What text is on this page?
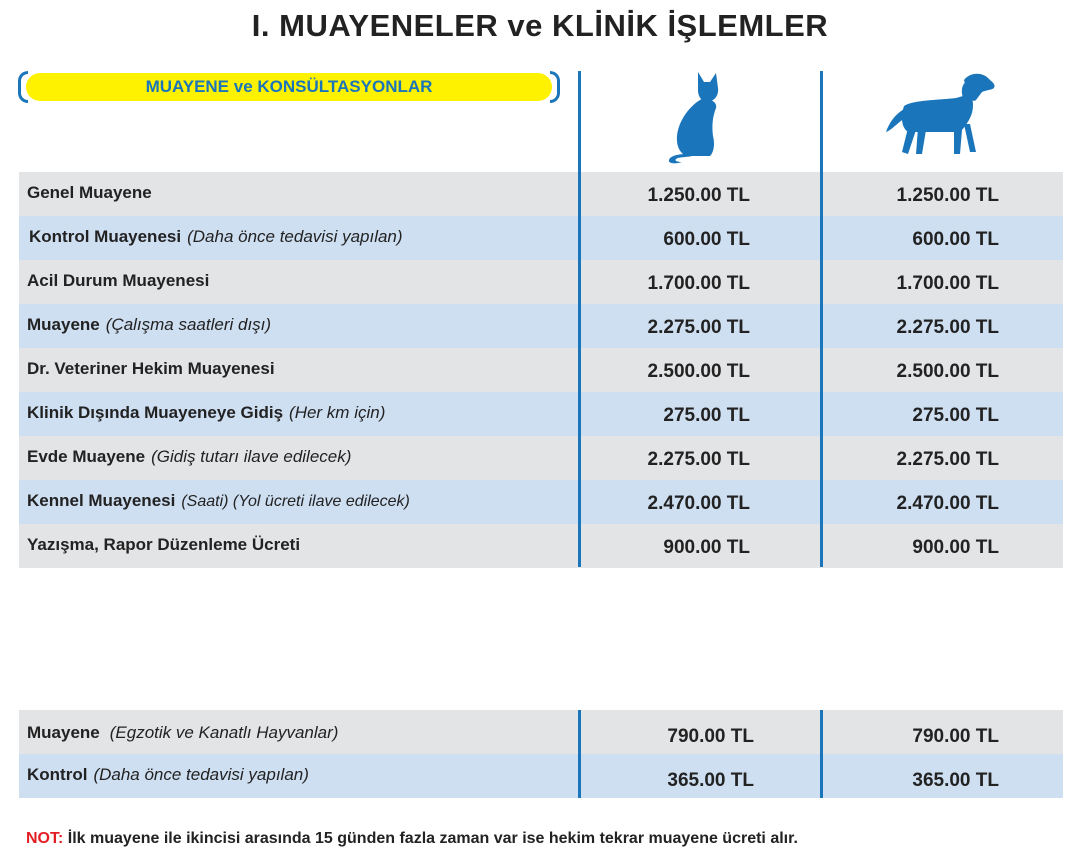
I. MUAYENELER ve KLİNİK İŞLEMLER
MUAYENE ve KONSÜLTASYONLAR
Genel Muayene	1.250.00 TL	1.250.00 TL
Kontrol Muayenesi (Daha önce tedavisi yapılan)	600.00 TL	600.00 TL
Acil Durum Muayenesi	1.700.00 TL	1.700.00 TL
Muayene (Çalışma saatleri dışı)	2.275.00 TL	2.275.00 TL
Dr. Veteriner Hekim Muayenesi	2.500.00 TL	2.500.00 TL
Klinik Dışında Muayeneye Gidiş (Her km için)	275.00 TL	275.00 TL
Evde Muayene (Gidiş tutarı ilave edilecek)	2.275.00 TL	2.275.00 TL
Kennel Muayenesi (Saati) (Yol ücreti ilave edilecek)	2.470.00 TL	2.470.00 TL
Yazışma, Rapor Düzenleme Ücreti	900.00 TL	900.00 TL
Muayene (Egzotik ve Kanatlı Hayvanlar)	790.00 TL	790.00 TL
Kontrol (Daha önce tedavisi yapılan)	365.00 TL	365.00 TL
NOT: İlk muayene ile ikincisi arasında 15 günden fazla zaman var ise hekim tekrar muayene ücreti alır.
